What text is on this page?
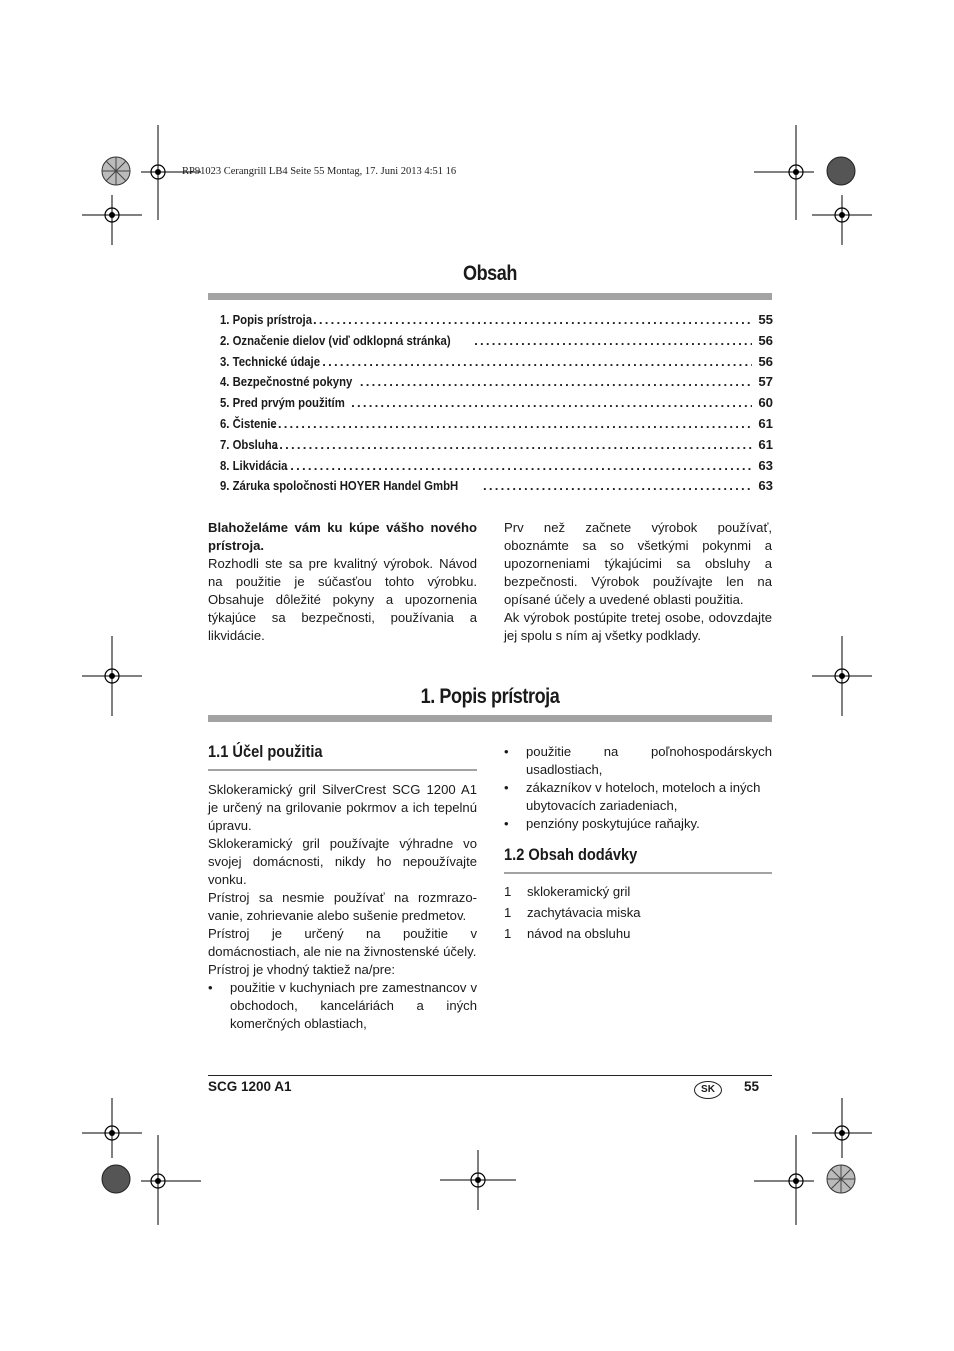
RP91023 Cerangrill LB4 Seite 55 Montag, 17. Juni 2013 4:51 16
Obsah
1. Popis prístroja .....	55
2. Označenie dielov (viď odklopná stránka) .....	56
3. Technické údaje .....	56
4. Bezpečnostné pokyny .....	57
5. Pred prvým použitím .....	60
6. Čistenie .....	61
7. Obsluha .....	61
8. Likvidácia .....	63
9. Záruka spoločnosti HOYER Handel GmbH .....	63

Blahoželáme vám ku kúpe vášho nového prístroja.

Rozhodli ste sa pre kvalitný výrobok. Návod na použitie je súčasťou tohto výrobku. Obsahuje dôležité pokyny a upozornenia týkajúce sa bezpečnosti, používania a likvidácie.

Prv než začnete výrobok používať, oboznámte sa so všetkými pokynmi a upozorneniami týkajúcimi sa obsluhy a bezpečnosti. Výrobok používajte len na opísané účely a uvedené oblasti použitia.

Ak výrobok postúpite tretej osobe, odovzdajte jej spolu s ním aj všetky podklady.

1. Popis prístroja
1.1 Účel použitia

Sklokeramický gril SilverCrest SCG 1200 A1 je určený na grilovanie pokrmov a ich tepelnú úpravu.

Sklokeramický gril používajte výhradne vo svojej domácnosti, nikdy ho nepoužívajte vonku.

Prístroj sa nesmie používať na rozmrazo-vanie, zohrievanie alebo sušenie predmetov.

Prístroj je určený na použitie v domácnostiach, ale nie na živnostenské účely.

Prístroj je vhodný taktiež na/pre:

•	použitie v kuchyniach pre zamestnancov v obchodoch, kanceláriách a iných komerčných oblastiach,
•	použitie na poľnohospodárskych usadlostiach,
•	zákazníkov v hoteloch, moteloch a iných ubytovacích zariadeniach,
•	penzióny poskytujúce raňajky.
1.2 Obsah dodávky
1	sklokeramický gril
1	zachytávacia miska
1	návod na obsluhu
SCG 1200 A1	SK	55
